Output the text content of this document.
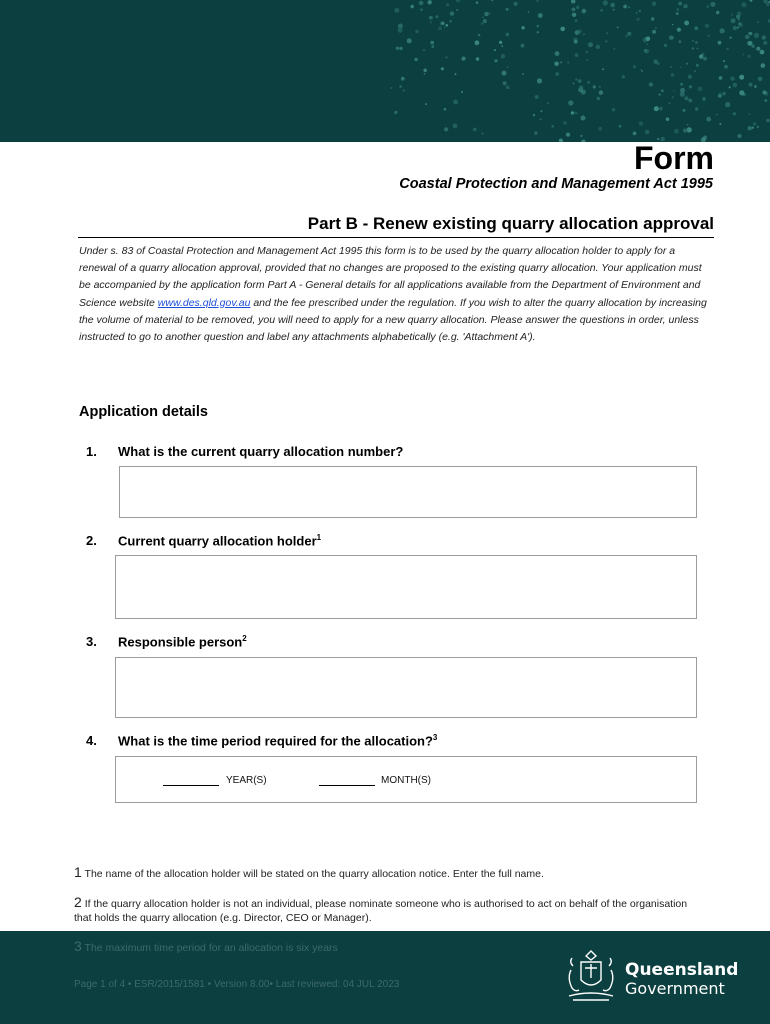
Form
Coastal Protection and Management Act 1995
Part B - Renew existing quarry allocation approval
Under s. 83 of Coastal Protection and Management Act 1995 this form is to be used by the quarry allocation holder to apply for a renewal of a quarry allocation approval, provided that no changes are proposed to the existing quarry allocation. Your application must be accompanied by the application form Part A - General details for all applications available from the Department of Environment and Science website www.des.qld.gov.au and the fee prescribed under the regulation. If you wish to alter the quarry allocation by increasing the volume of material to be removed, you will need to apply for a new quarry allocation. Please answer the questions in order, unless instructed to go to another question and label any attachments alphabetically (e.g. 'Attachment A').
Application details
1. What is the current quarry allocation number?
2. Current quarry allocation holder$^1$
3. Responsible person$^2$
4. What is the time period required for the allocation?$^3$
YEAR(S)	MONTH(S)
1 The name of the allocation holder will be stated on the quarry allocation notice. Enter the full name.
2 If the quarry allocation holder is not an individual, please nominate someone who is authorised to act on behalf of the organisation that holds the quarry allocation (e.g. Director, CEO or Manager).
3 The maximum time period for an allocation is six years
Page 1 of 4 • ESR/2015/1581 • Version 8.00• Last reviewed: 04 JUL 2023
Queensland
Government
